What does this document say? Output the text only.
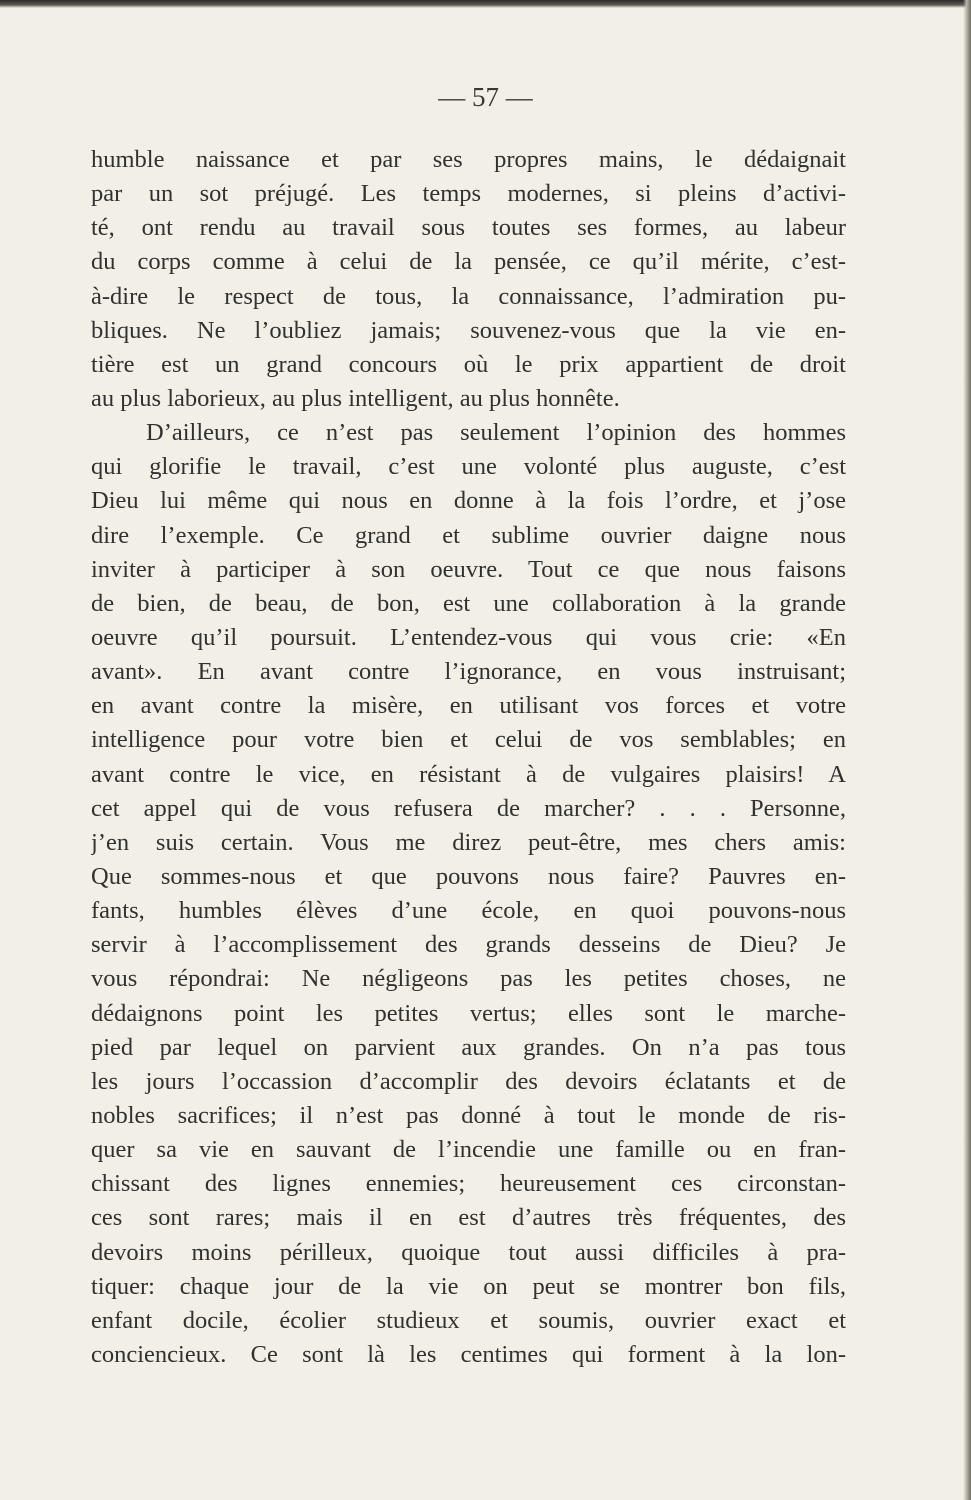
— 57 —
humble naissance et par ses propres mains, le dédaignait
par un sot préjugé. Les temps modernes, si pleins d’activi-
té, ont rendu au travail sous toutes ses formes, au labeur
du corps comme à celui de la pensée, ce qu’il mérite, c’est-
à-dire le respect de tous, la connaissance, l’admiration pu-
bliques. Ne l’oubliez jamais; souvenez-vous que la vie en-
tière est un grand concours où le prix appartient de droit
au plus laborieux, au plus intelligent, au plus honnête.
D’ailleurs, ce n’est pas seulement l’opinion des hommes
qui glorifie le travail, c’est une volonté plus auguste, c’est
Dieu lui même qui nous en donne à la fois l’ordre, et j’ose
dire l’exemple. Ce grand et sublime ouvrier daigne nous
inviter à participer à son oeuvre. Tout ce que nous faisons
de bien, de beau, de bon, est une collaboration à la grande
oeuvre qu’il poursuit. L’entendez-vous qui vous crie: «En
avant». En avant contre l’ignorance, en vous instruisant;
en avant contre la misère, en utilisant vos forces et votre
intelligence pour votre bien et celui de vos semblables; en
avant contre le vice, en résistant à de vulgaires plaisirs! A
cet appel qui de vous refusera de marcher? . . . Personne,
j’en suis certain. Vous me direz peut-être, mes chers amis:
Que sommes-nous et que pouvons nous faire? Pauvres en-
fants, humbles élèves d’une école, en quoi pouvons-nous
servir à l’accomplissement des grands desseins de Dieu? Je
vous répondrai: Ne négligeons pas les petites choses, ne
dédaignons point les petites vertus; elles sont le marche-
pied par lequel on parvient aux grandes. On n’a pas tous
les jours l’occassion d’accomplir des devoirs éclatants et de
nobles sacrifices; il n’est pas donné à tout le monde de ris-
quer sa vie en sauvant de l’incendie une famille ou en fran-
chissant des lignes ennemies; heureusement ces circonstan-
ces sont rares; mais il en est d’autres très fréquentes, des
devoirs moins périlleux, quoique tout aussi difficiles à pra-
tiquer: chaque jour de la vie on peut se montrer bon fils,
enfant docile, écolier studieux et soumis, ouvrier exact et
conciencieux. Ce sont là les centimes qui forment à la lon-
